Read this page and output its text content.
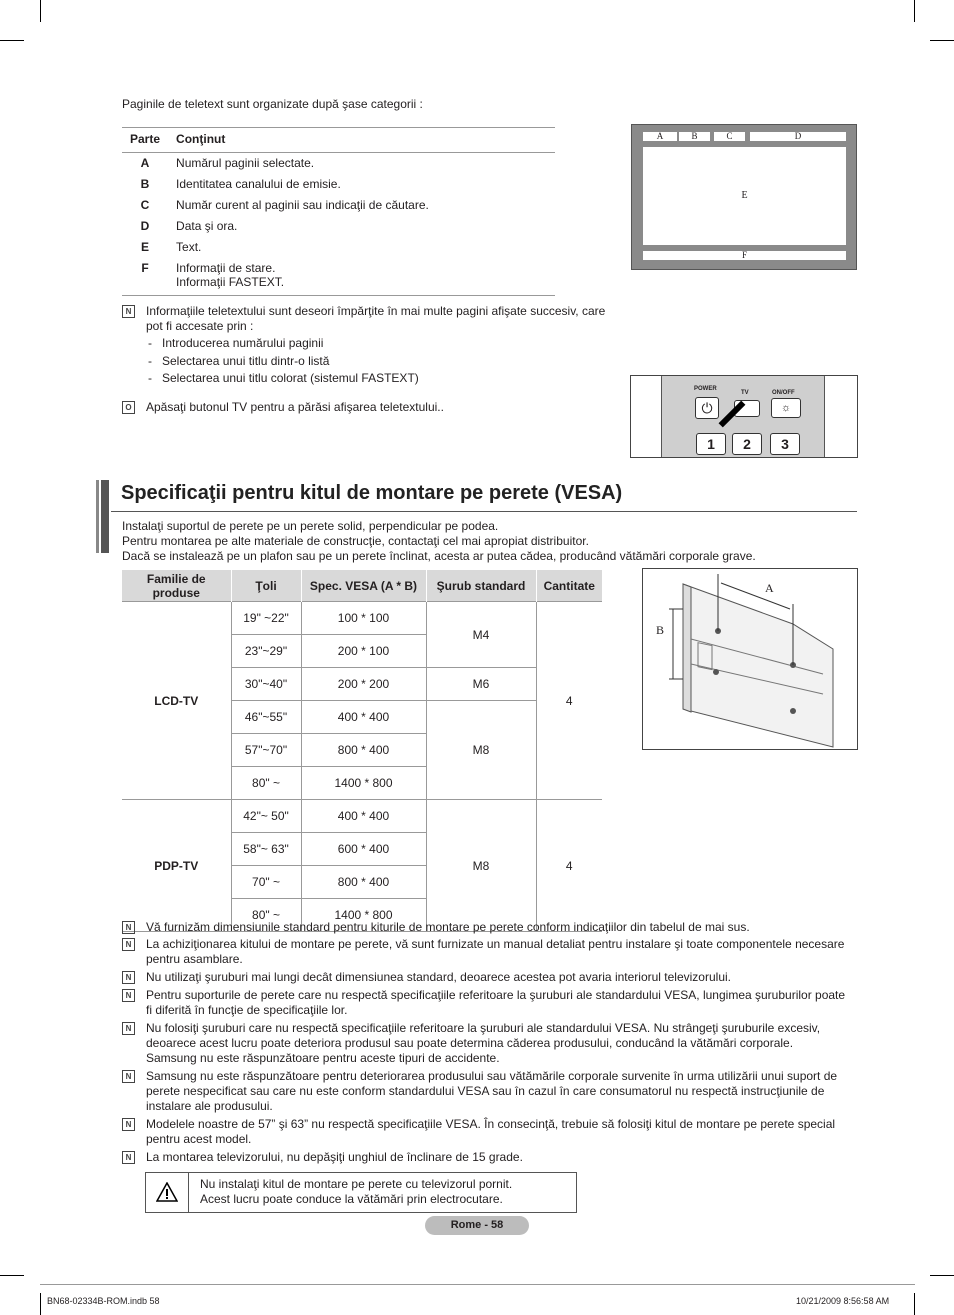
Paginile de teletext sunt organizate după şase categorii :
Parte	Conţinut
A	Numărul paginii selectate.
B	Identitatea canalului de emisie.
C	Număr curent al paginii sau indicaţii de căutare.
D	Data şi ora.
E	Text.
F	Informaţii de stare.
Informaţii FASTEXT.
A	B	C	D
E
F
N	Informaţiile teletextului sunt deseori împărţite în mai multe pagini afişate succesiv, care
pot fi accesate prin :
-   Introducerea numărului paginii
-   Selectarea unui titlu dintr-o listă
-   Selectarea unui titlu colorat (sistemul FASTEXT)
O Apăsaţi butonul TV pentru a părăsi afişarea teletextului..
POWER
TV	ON/OFF
⏻	☼
1	2	3
Specificaţii pentru kitul de montare pe perete (VESA)
Instalaţi suportul de perete pe un perete solid, perpendicular pe podea.
Pentru montarea pe alte materiale de construcţie, contactaţi cel mai apropiat distribuitor.
Dacă se instalează pe un plafon sau pe un perete înclinat, acesta ar putea cădea, producând vătămări corporale grave.
Familie de produse	Ţoli	Spec. VESA (A * B)	Şurub standard	Cantitate
LCD-TV	19" ~22"	100 * 100	M4	4
	23"~29"	200 * 100		
	30"~40"	200 * 200	M6	
	46"~55"	400 * 400	M8	
	57"~70"	800 * 400		
	80" ~	1400 * 800		
PDP-TV	42"~ 50"	400 * 400	M8	4
	58"~ 63"	600 * 400		
	70" ~	800 * 400		
	80" ~	1400 * 800		
A
B
N	Vă furnizăm dimensiunile standard pentru kiturile de montare pe perete conform indicaţiilor din tabelul de mai sus.
N	La achiziţionarea kitului de montare pe perete, vă sunt furnizate un manual detaliat pentru instalare şi toate componentele necesare
pentru asamblare.
N	Nu utilizaţi şuruburi mai lungi decât dimensiunea standard, deoarece acestea pot avaria interiorul televizorului.
N	Pentru suporturile de perete care nu respectă specificaţiile referitoare la şuruburi ale standardului VESA, lungimea şuruburilor poate
fi diferită în funcţie de specificaţiile lor.
N	Nu folosiţi şuruburi care nu respectă specificaţiile referitoare la şuruburi ale standardului VESA. Nu strângeţi şuruburile excesiv,
deoarece acest lucru poate deteriora produsul sau poate determina căderea produsului, conducând la vătămări corporale.
Samsung nu este răspunzătoare pentru aceste tipuri de accidente.
N	Samsung nu este răspunzătoare pentru deteriorarea produsului sau vătămările corporale survenite în urma utilizării unui suport de
perete nespecificat sau care nu este conform standardului VESA sau în cazul în care consumatorul nu respectă instrucţiunile de
instalare ale produsului.
N	Modelele noastre de 57” şi 63” nu respectă specificaţiile VESA. În consecinţă, trebuie să folosiţi kitul de montare pe perete special
pentru acest model.
N	La montarea televizorului, nu depăşiţi unghiul de înclinare de 15 grade.
Nu instalaţi kitul de montare pe perete cu televizorul pornit.
Acest lucru poate conduce la vătămări prin electrocutare.
Rome - 58
BN68-02334B-ROM.indb 58	10/21/2009 8:56:58 AM
